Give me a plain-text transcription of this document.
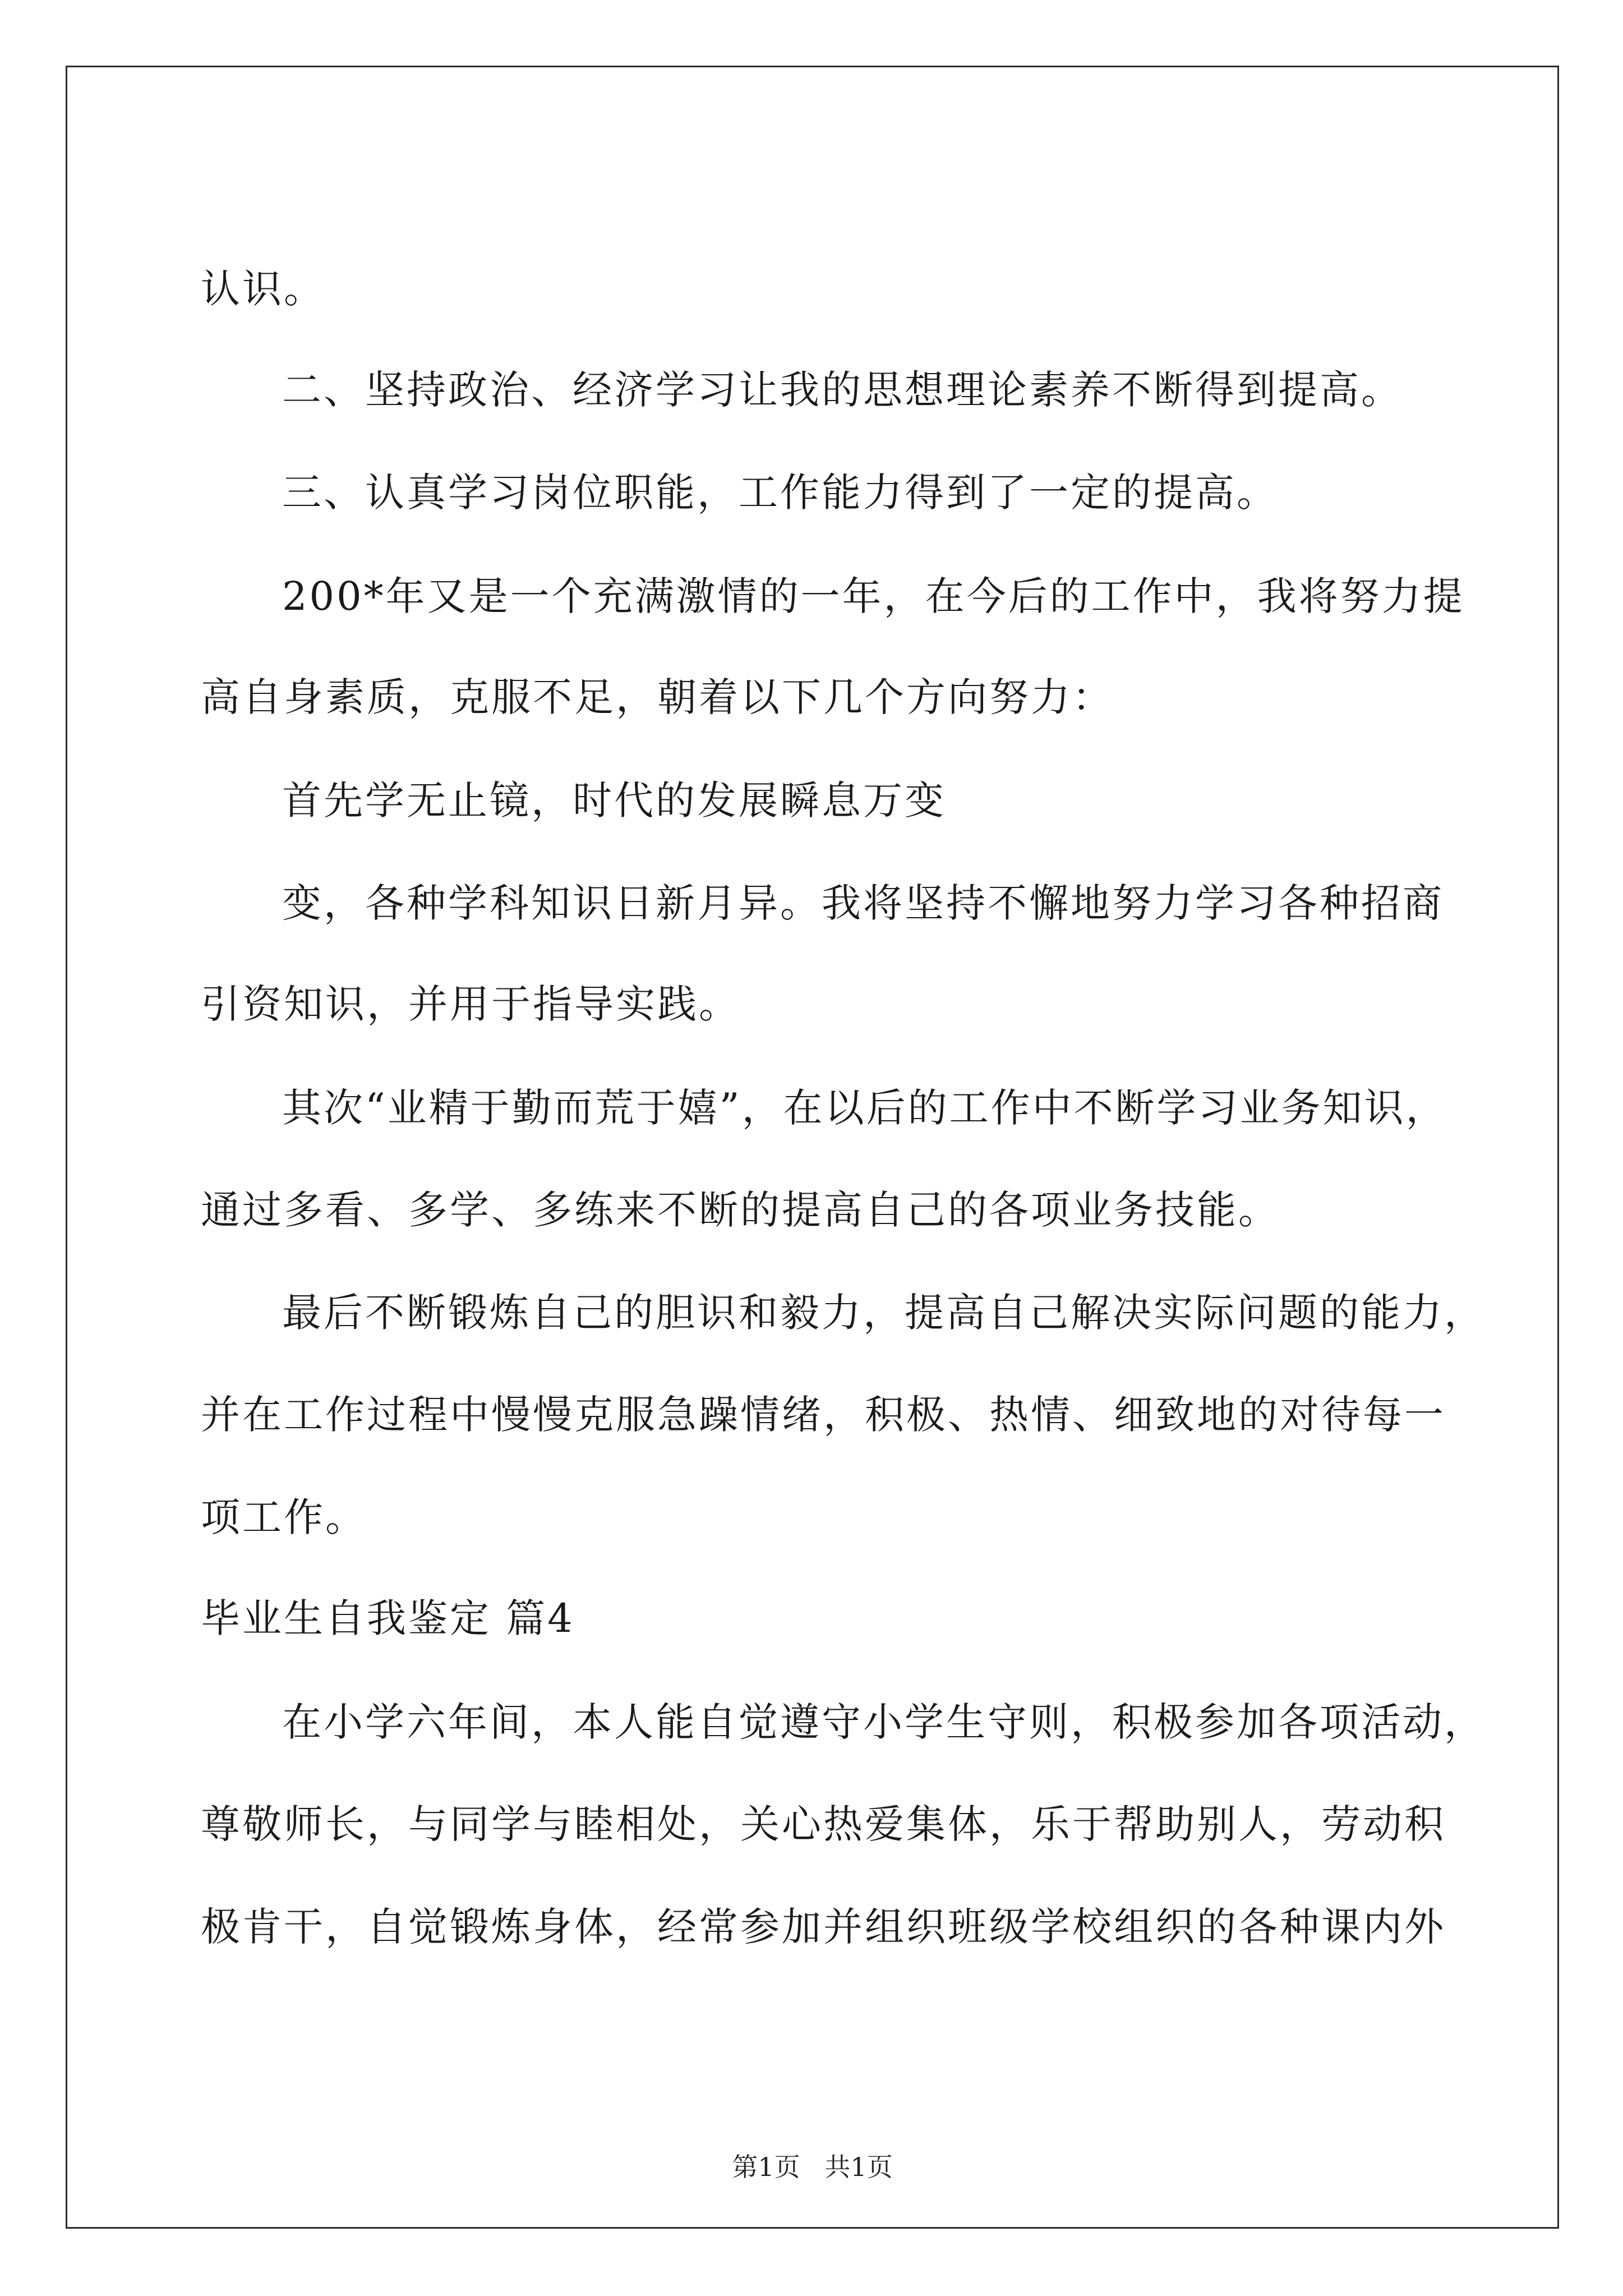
认识。
二、坚持政治、经济学习让我的思想理论素养不断得到提高。
三、认真学习岗位职能，工作能力得到了一定的提高。
200*年又是一个充满激情的一年，在今后的工作中，我将努力提
高自身素质，克服不足，朝着以下几个方向努力：
首先学无止镜，时代的发展瞬息万变
变，各种学科知识日新月异。我将坚持不懈地努力学习各种招商
引资知识，并用于指导实践。
其次“业精于勤而荒于嬉”，在以后的工作中不断学习业务知识，
通过多看、多学、多练来不断的提高自己的各项业务技能。
最后不断锻炼自己的胆识和毅力，提高自己解决实际问题的能力，
并在工作过程中慢慢克服急躁情绪，积极、热情、细致地的对待每一
项工作。
毕业生自我鉴定 篇4
在小学六年间，本人能自觉遵守小学生守则，积极参加各项活动，
尊敬师长，与同学与睦相处，关心热爱集体，乐于帮助别人，劳动积
极肯干，自觉锻炼身体，经常参加并组织班级学校组织的各种课内外
第1页   共1页
